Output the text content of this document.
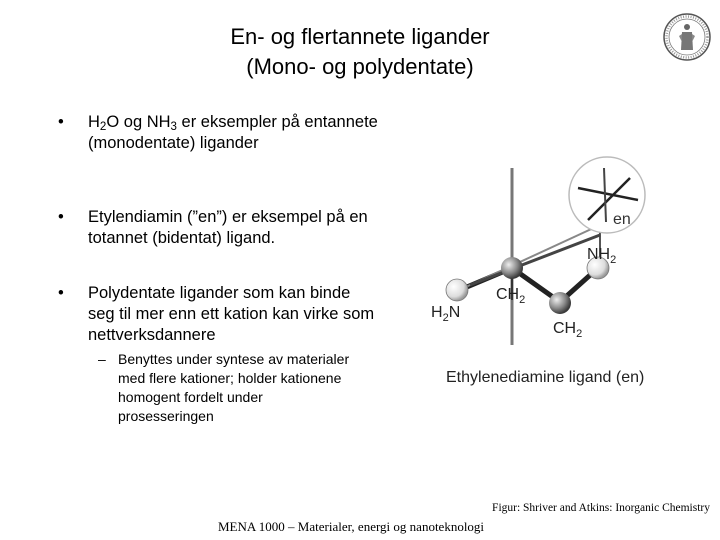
En- og flertannete ligander
(Mono- og polydentate)
•	$H_2O$ og $NH_3$ er eksempler på entannete (monodentate) ligander
•	Etylendiamin (”en”) er eksempel på en totannet (bidentat) ligand.
•	Polydentate ligander som kan binde seg til mer enn ett kation kan virke som nettverksdannere
– Benyttes under syntese av materialer med flere kationer; holder kationene homogent fordelt under prosesseringen
en
$NH_2$
$CH_2$
$H_2N$
$CH_2$
Ethylenediamine ligand (en)
Figur: Shriver and Atkins: Inorganic Chemistry
MENA 1000 – Materialer, energi og nanoteknologi
